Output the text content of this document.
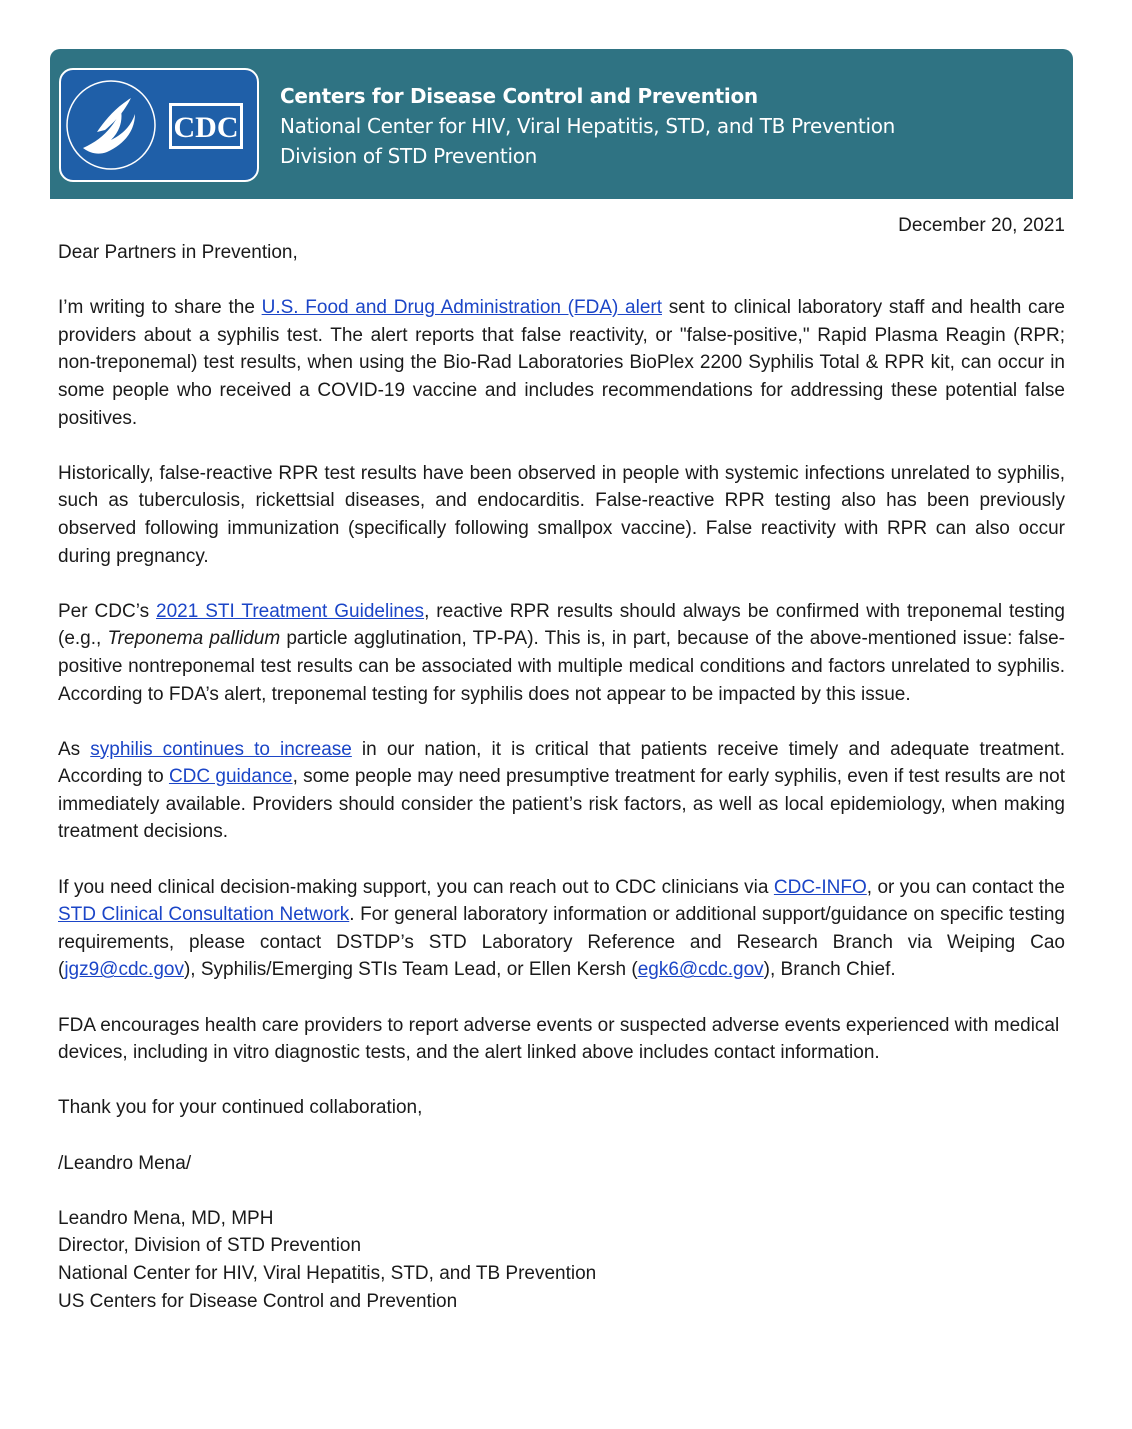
CDC
Centers for Disease Control and Prevention
National Center for HIV, Viral Hepatitis, STD, and TB Prevention
Division of STD Prevention
December 20, 2021

Dear Partners in Prevention,

I’m writing to share the U.S. Food and Drug Administration (FDA) alert sent to clinical laboratory staff and health care providers about a syphilis test. The alert reports that false reactivity, or "false-positive," Rapid Plasma Reagin (RPR; non-treponemal) test results, when using the Bio-Rad Laboratories BioPlex 2200 Syphilis Total & RPR kit, can occur in some people who received a COVID-19 vaccine and includes recommendations for addressing these potential false positives.

Historically, false-reactive RPR test results have been observed in people with systemic infections unrelated to syphilis, such as tuberculosis, rickettsial diseases, and endocarditis. False-reactive RPR testing also has been previously observed following immunization (specifically following smallpox vaccine). False reactivity with RPR can also occur during pregnancy.

Per CDC’s 2021 STI Treatment Guidelines, reactive RPR results should always be confirmed with treponemal testing (e.g., Treponema pallidum particle agglutination, TP-PA). This is, in part, because of the above-mentioned issue: false-positive nontreponemal test results can be associated with multiple medical conditions and factors unrelated to syphilis. According to FDA’s alert, treponemal testing for syphilis does not appear to be impacted by this issue.

As syphilis continues to increase in our nation, it is critical that patients receive timely and adequate treatment. According to CDC guidance, some people may need presumptive treatment for early syphilis, even if test results are not immediately available. Providers should consider the patient’s risk factors, as well as local epidemiology, when making treatment decisions.

If you need clinical decision-making support, you can reach out to CDC clinicians via CDC-INFO, or you can contact the STD Clinical Consultation Network. For general laboratory information or additional support/guidance on specific testing requirements, please contact DSTDP’s STD Laboratory Reference and Research Branch via Weiping Cao (jgz9@cdc.gov), Syphilis/Emerging STIs Team Lead, or Ellen Kersh (egk6@cdc.gov), Branch Chief.

FDA encourages health care providers to report adverse events or suspected adverse events experienced with medical devices, including in vitro diagnostic tests, and the alert linked above includes contact information.

Thank you for your continued collaboration,

/Leandro Mena/

Leandro Mena, MD, MPH

Director, Division of STD Prevention

National Center for HIV, Viral Hepatitis, STD, and TB Prevention

US Centers for Disease Control and Prevention
